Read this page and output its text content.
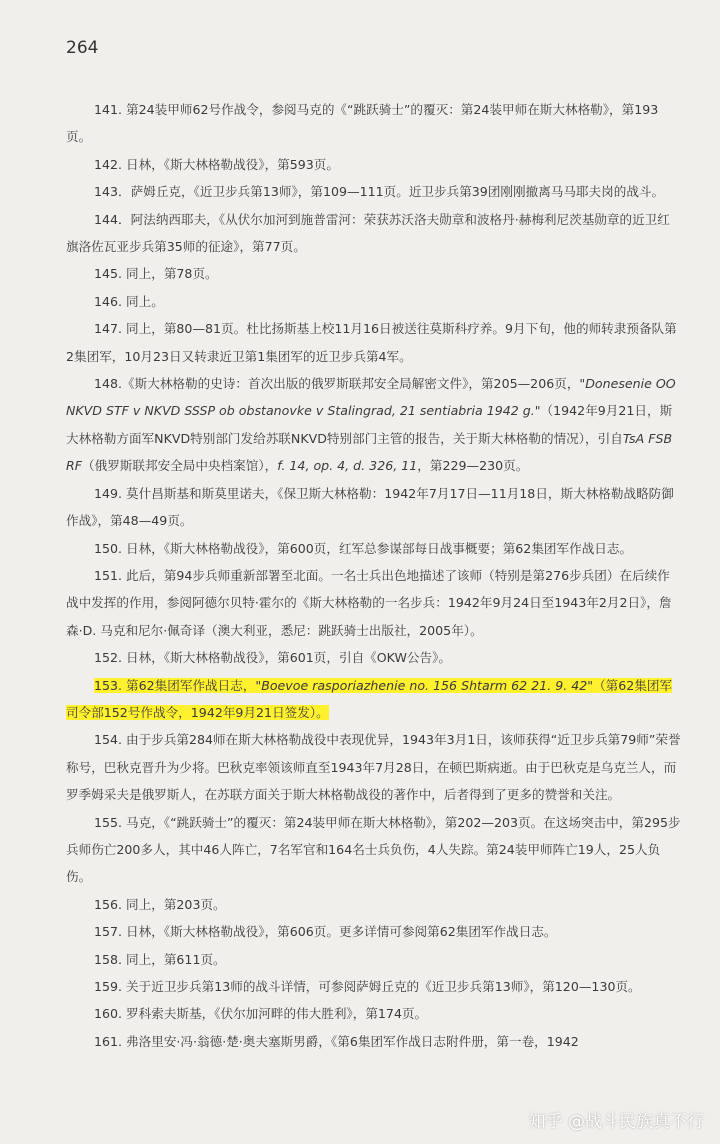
264

141. 第24装甲师62号作战令，参阅马克的《“跳跃骑士”的覆灭：第24装甲师在斯大林格勒》，第193页。

142. 日林，《斯大林格勒战役》，第593页。

143．萨姆丘克，《近卫步兵第13师》，第109—111页。近卫步兵第39团刚刚撤离马马耶夫岗的战斗。

144．阿法纳西耶夫，《从伏尔加河到施普雷河：荣获苏沃洛夫勋章和波格丹·赫梅利尼茨基勋章的近卫红旗洛佐瓦亚步兵第35师的征途》，第77页。

145. 同上，第78页。

146. 同上。

147. 同上，第80—81页。杜比扬斯基上校11月16日被送往莫斯科疗养。9月下旬，他的师转隶预备队第2集团军，10月23日又转隶近卫第1集团军的近卫步兵第4军。

148.《斯大林格勒的史诗：首次出版的俄罗斯联邦安全局解密文件》，第205—206页，"Donesenie OO NKVD STF v NKVD SSSP ob obstanovke v Stalingrad, 21 sentiabria 1942 g."（1942年9月21日，斯大林格勒方面军NKVD特别部门发给苏联NKVD特别部门主管的报告，关于斯大林格勒的情况），引自TsA FSB RF（俄罗斯联邦安全局中央档案馆），f. 14, op. 4, d. 326, 11，第229—230页。

149. 莫什昌斯基和斯莫里诺夫，《保卫斯大林格勒：1942年7月17日—11月18日，斯大林格勒战略防御作战》，第48—49页。

150. 日林，《斯大林格勒战役》，第600页，红军总参谋部每日战事概要；第62集团军作战日志。

151. 此后，第94步兵师重新部署至北面。一名士兵出色地描述了该师（特别是第276步兵团）在后续作战中发挥的作用，参阅阿德尔贝特·霍尔的《斯大林格勒的一名步兵：1942年9月24日至1943年2月2日》，詹森·D. 马克和尼尔·佩奇译（澳大利亚，悉尼：跳跃骑士出版社，2005年）。

152. 日林，《斯大林格勒战役》，第601页，引自《OKW公告》。

153. 第62集团军作战日志，"Boevoe rasporiazhenie no. 156 Shtarm 62 21. 9. 42"（第62集团军司令部152号作战令，1942年9月21日签发）。

154. 由于步兵第284师在斯大林格勒战役中表现优异，1943年3月1日，该师获得“近卫步兵第79师”荣誉称号，巴秋克晋升为少将。巴秋克率领该师直至1943年7月28日，在顿巴斯病逝。由于巴秋克是乌克兰人，而罗季姆采夫是俄罗斯人，在苏联方面关于斯大林格勒战役的著作中，后者得到了更多的赞誉和关注。

155. 马克，《“跳跃骑士”的覆灭：第24装甲师在斯大林格勒》，第202—203页。在这场突击中，第295步兵师伤亡200多人，其中46人阵亡，7名军官和164名士兵负伤，4人失踪。第24装甲师阵亡19人，25人负伤。

156. 同上，第203页。

157. 日林，《斯大林格勒战役》，第606页。更多详情可参阅第62集团军作战日志。

158. 同上，第611页。

159. 关于近卫步兵第13师的战斗详情，可参阅萨姆丘克的《近卫步兵第13师》，第120—130页。

160. 罗科索夫斯基，《伏尔加河畔的伟大胜利》，第174页。

161. 弗洛里安·冯·翁德·楚·奥夫塞斯男爵，《第6集团军作战日志附件册，第一卷，1942

知乎 @战斗民族真不行
